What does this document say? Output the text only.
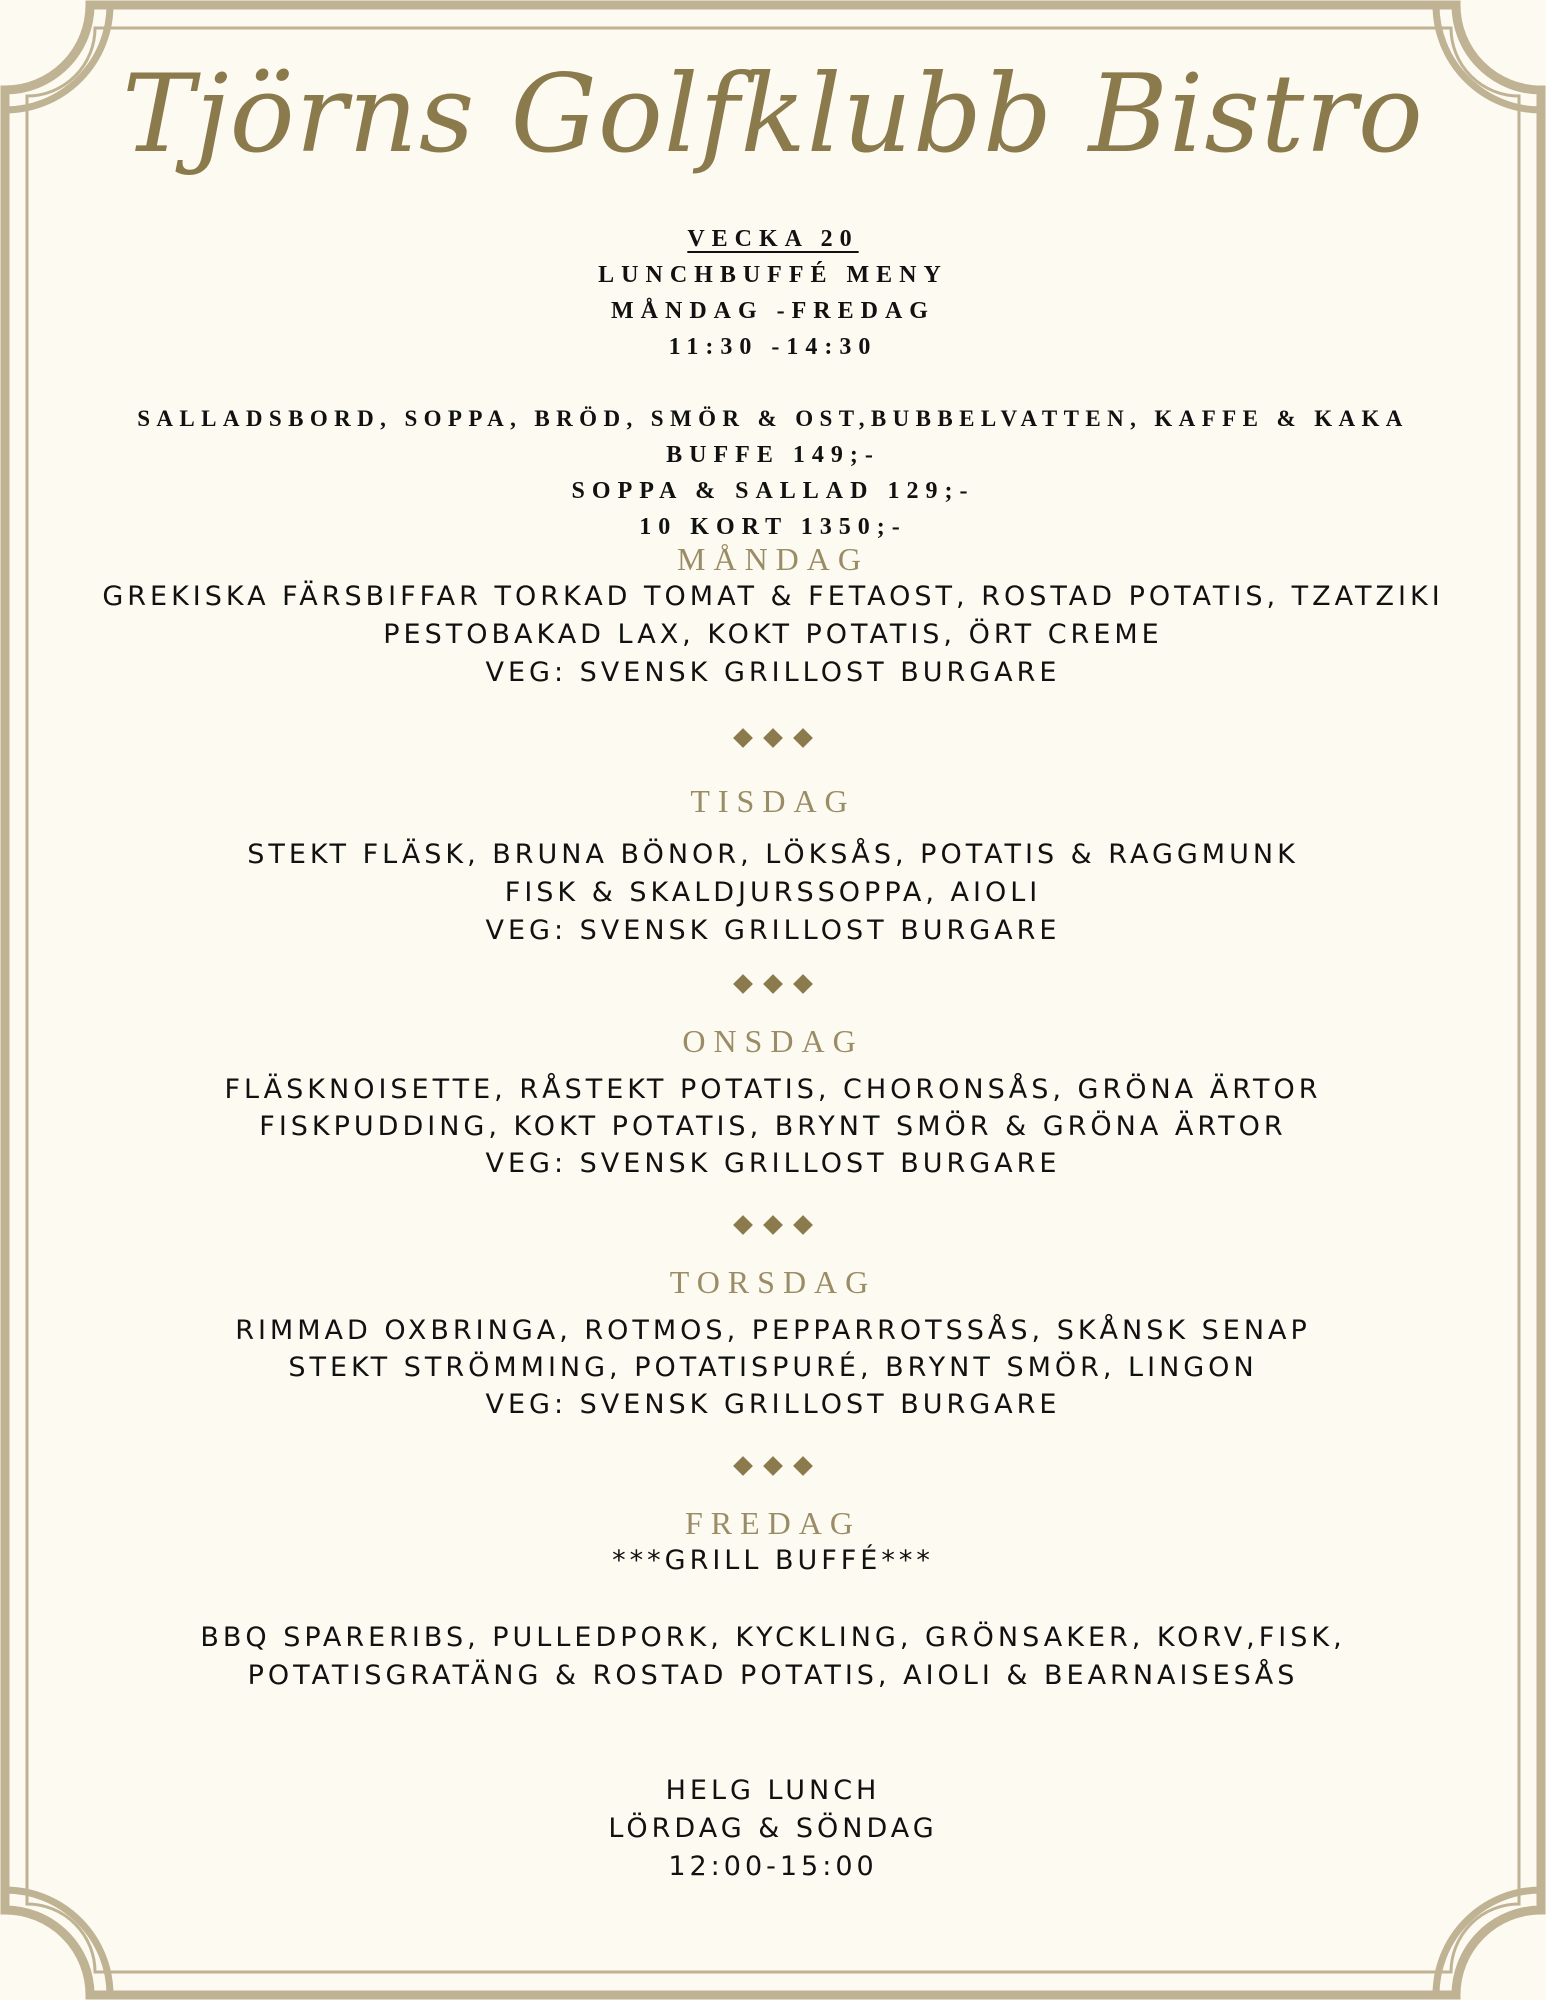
Tjörns Golfklubb Bistro
VECKA 20
LUNCHBUFFÉ MENY
MÅNDAG -FREDAG
11:30 -14:30
SALLADSBORD, SOPPA, BRÖD, SMÖR & OST,BUBBELVATTEN, KAFFE & KAKA
BUFFE 149;-
SOPPA & SALLAD 129;-
10 KORT 1350;-
MÅNDAG
GREKISKA FÄRSBIFFAR TORKAD TOMAT & FETAOST, ROSTAD POTATIS, TZATZIKI
PESTOBAKAD LAX, KOKT POTATIS, ÖRT CREME
VEG: SVENSK GRILLOST BURGARE
TISDAG
STEKT FLÄSK, BRUNA BÖNOR, LÖKSÅS, POTATIS & RAGGMUNK
FISK & SKALDJURSSOPPA, AIOLI
VEG: SVENSK GRILLOST BURGARE
ONSDAG
FLÄSKNOISETTE, RÅSTEKT POTATIS, CHORONSÅS, GRÖNA ÄRTOR
FISKPUDDING, KOKT POTATIS, BRYNT SMÖR & GRÖNA ÄRTOR
VEG: SVENSK GRILLOST BURGARE
TORSDAG
RIMMAD OXBRINGA, ROTMOS, PEPPARROTSSÅS, SKÅNSK SENAP
STEKT STRÖMMING, POTATISPURÉ, BRYNT SMÖR, LINGON
VEG: SVENSK GRILLOST BURGARE
FREDAG
***GRILL BUFFÉ***
BBQ SPARERIBS, PULLEDPORK, KYCKLING, GRÖNSAKER, KORV,FISK,
POTATISGRATÄNG & ROSTAD POTATIS, AIOLI & BEARNAISESÅS
HELG LUNCH
LÖRDAG & SÖNDAG
12:00-15:00
